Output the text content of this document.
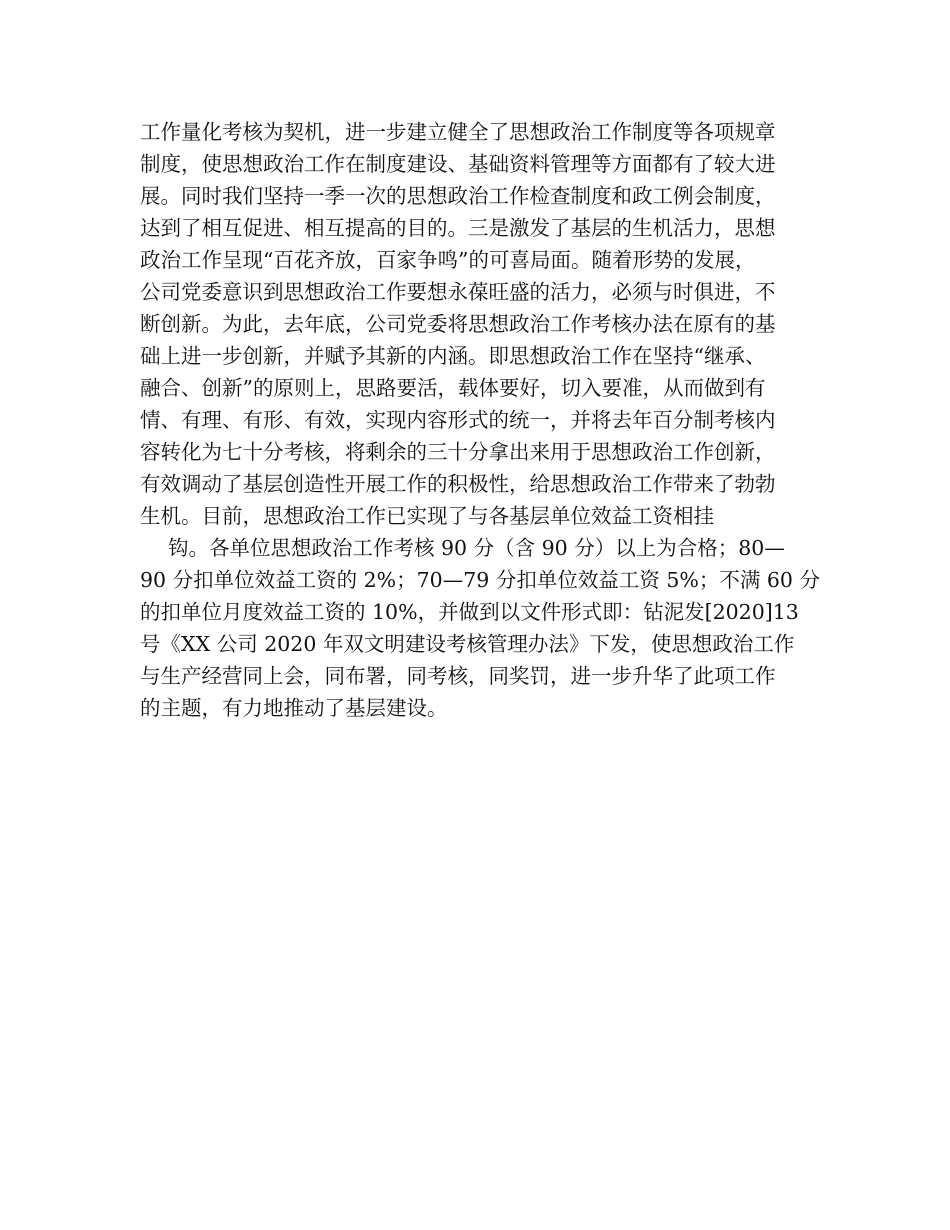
工作量化考核为契机，进一步建立健全了思想政治工作制度等各项规章
制度，使思想政治工作在制度建设、基础资料管理等方面都有了较大进
展。同时我们坚持一季一次的思想政治工作检查制度和政工例会制度，
达到了相互促进、相互提高的目的。三是激发了基层的生机活力，思想
政治工作呈现“百花齐放，百家争鸣”的可喜局面。随着形势的发展，
公司党委意识到思想政治工作要想永葆旺盛的活力，必须与时俱进，不
断创新。为此，去年底，公司党委将思想政治工作考核办法在原有的基
础上进一步创新，并赋予其新的内涵。即思想政治工作在坚持“继承、
融合、创新”的原则上，思路要活，载体要好，切入要准，从而做到有
情、有理、有形、有效，实现内容形式的统一，并将去年百分制考核内
容转化为七十分考核，将剩余的三十分拿出来用于思想政治工作创新，
有效调动了基层创造性开展工作的积极性，给思想政治工作带来了勃勃
生机。目前，思想政治工作已实现了与各基层单位效益工资相挂
钩。各单位思想政治工作考核 90 分（含 90 分）以上为合格；80—
90 分扣单位效益工资的 2%；70—79 分扣单位效益工资 5%；不满 60 分
的扣单位月度效益工资的 10%，并做到以文件形式即：钻泥发[2020]13
号《XX 公司 2020 年双文明建设考核管理办法》下发，使思想政治工作
与生产经营同上会，同布署，同考核，同奖罚，进一步升华了此项工作
的主题，有力地推动了基层建设。
